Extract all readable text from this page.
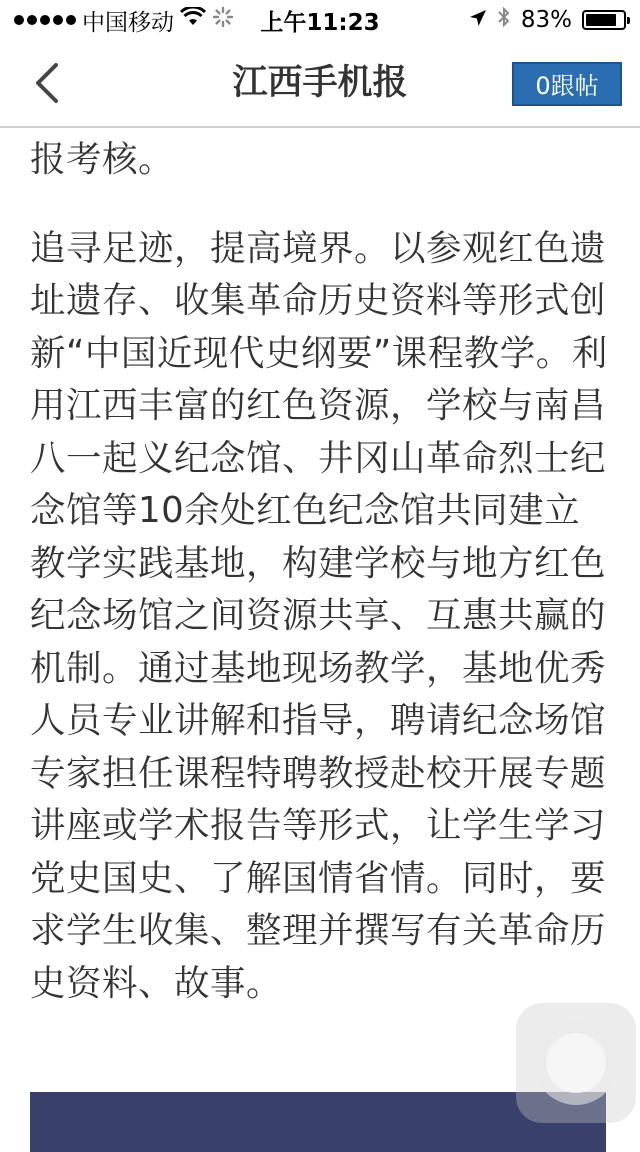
中国移动	上午11:23	83%
江西手机报	0跟帖

报考核。

追寻足迹，提高境界。以参观红色遗址遗存、收集革命历史资料等形式创新“中国近现代史纲要”课程教学。利用江西丰富的红色资源，学校与南昌八一起义纪念馆、井冈山革命烈士纪念馆等10余处红色纪念馆共同建立教学实践基地，构建学校与地方红色纪念场馆之间资源共享、互惠共赢的机制。通过基地现场教学，基地优秀人员专业讲解和指导，聘请纪念场馆专家担任课程特聘教授赴校开展专题讲座或学术报告等形式，让学生学习党史国史、了解国情省情。同时，要求学生收集、整理并撰写有关革命历史资料、故事。
